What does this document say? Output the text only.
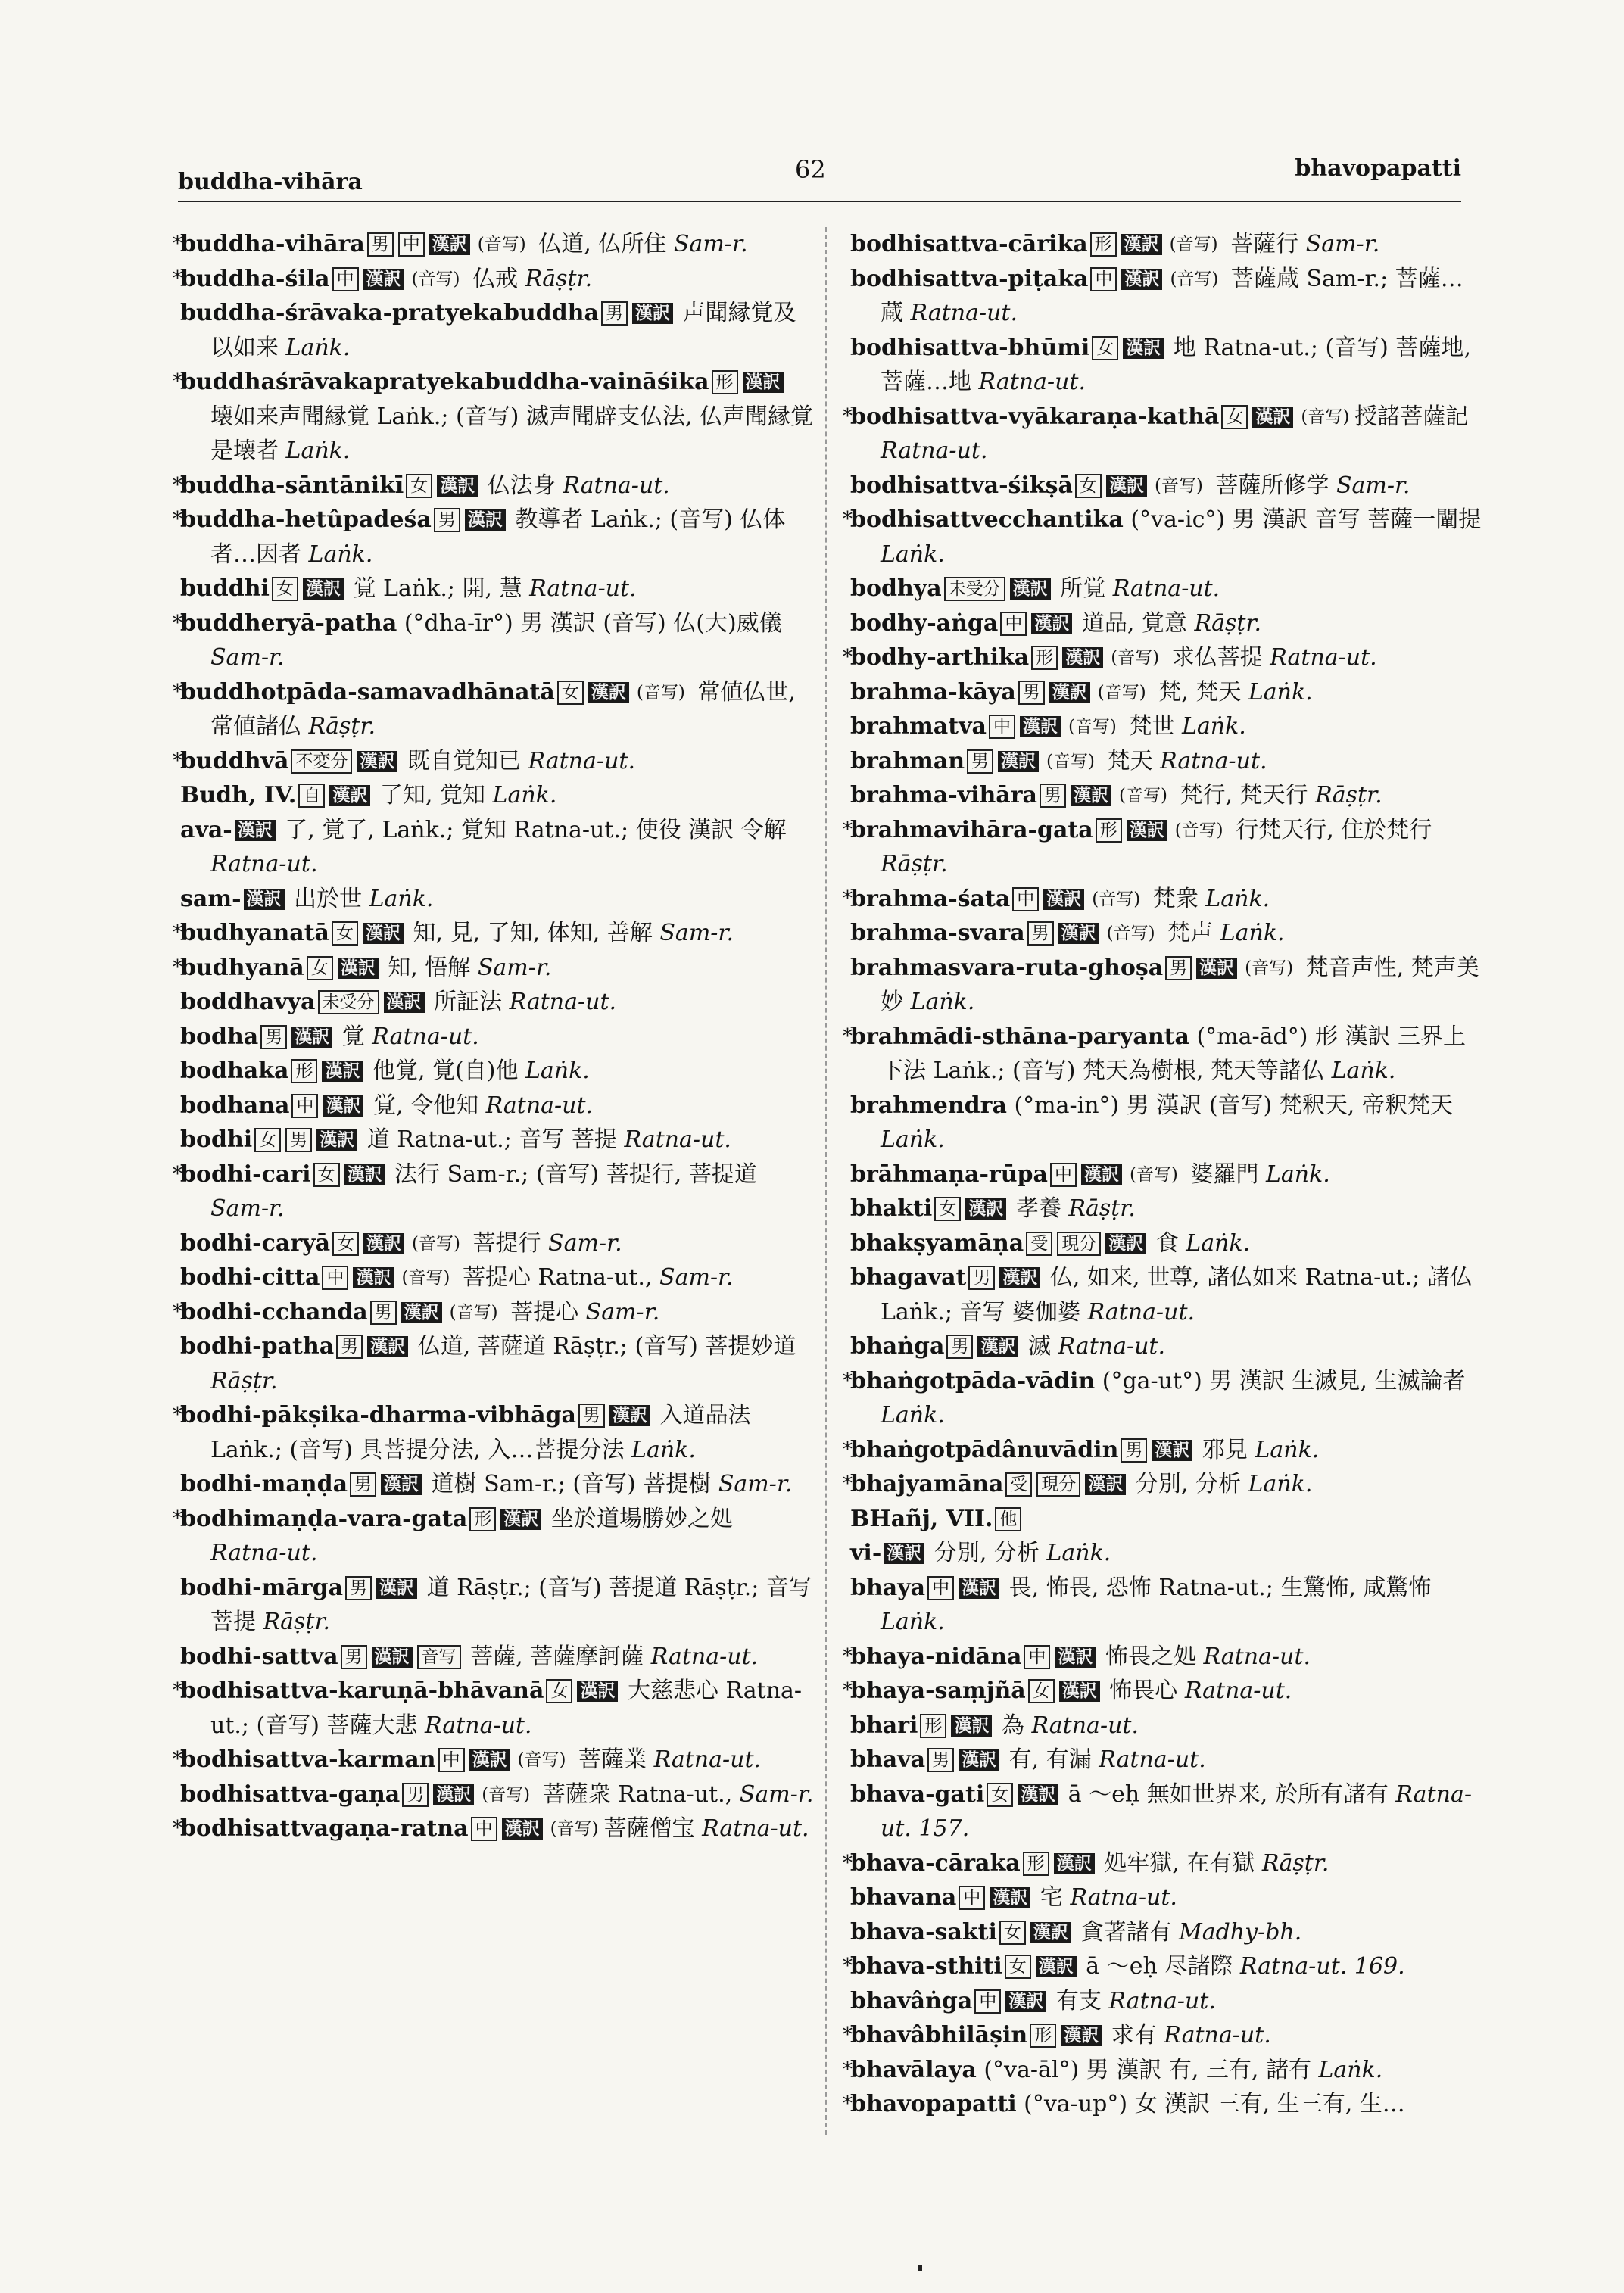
buddha-vihāra	62	bhavopapatti
* buddha-vihāra 男 中 漢訳 (音写) 仏道, 仏所住 Sam-r.
* buddha-śila 中 漢訳 (音写) 仏戒 Rāṣṭr.
buddha-śrāvaka-pratyekabuddha 男 漢訳 声聞縁覚及以如来 Laṅk.
* buddhaśrāvakapratyekabuddha-vaināśika 形 漢訳 壊如来声聞縁覚 Laṅk.; (音写) 滅声聞辟支仏法, 仏声聞縁覚是壊者 Laṅk.
* buddha-sāntānikī 女 漢訳 仏法身 Ratna-ut.
* buddha-hetûpadeśa 男 漢訳 教導者 Laṅk.; (音写) 仏体者…因者 Laṅk.
buddhi 女 漢訳 覚 Laṅk.; 開, 慧 Ratna-ut.
* buddheryā-patha (°dha-īr°) 男 漢訳 (音写) 仏(大)威儀 Sam-r.
* buddhotpāda-samavadhānatā 女 漢訳 (音写) 常値仏世, 常値諸仏 Rāṣṭr.
* buddhvā 不変分 漢訳 既自覚知已 Ratna-ut.
Budh, IV. 自 漢訳 了知, 覚知 Laṅk.
ava- 漢訳 了, 覚了, Laṅk.; 覚知 Ratna-ut.; 使役 漢訳 令解 Ratna-ut.
sam- 漢訳 出於世 Laṅk.
* budhyanatā 女 漢訳 知, 見, 了知, 体知, 善解 Sam-r.
* budhyanā 女 漢訳 知, 悟解 Sam-r.
boddhavya 未受分 漢訳 所証法 Ratna-ut.
bodha 男 漢訳 覚 Ratna-ut.
bodhaka 形 漢訳 他覚, 覚(自)他 Laṅk.
bodhana 中 漢訳 覚, 令他知 Ratna-ut.
bodhi 女 男 漢訳 道 Ratna-ut.; 音写 菩提 Ratna-ut.
* bodhi-cari 女 漢訳 法行 Sam-r.; (音写) 菩提行, 菩提道 Sam-r.
bodhi-caryā 女 漢訳 (音写) 菩提行 Sam-r.
bodhi-citta 中 漢訳 (音写) 菩提心 Ratna-ut., Sam-r.
* bodhi-cchanda 男 漢訳 (音写) 菩提心 Sam-r.
bodhi-patha 男 漢訳 仏道, 菩薩道 Rāṣṭr.; (音写) 菩提妙道 Rāṣṭr.
* bodhi-pākṣika-dharma-vibhāga 男 漢訳 入道品法 Laṅk.; (音写) 具菩提分法, 入…菩提分法 Laṅk.
bodhi-maṇḍa 男 漢訳 道樹 Sam-r.; (音写) 菩提樹 Sam-r.
* bodhimaṇḍa-vara-gata 形 漢訳 坐於道場勝妙之処 Ratna-ut.
bodhi-mārga 男 漢訳 道 Rāṣṭr.; (音写) 菩提道 Rāṣṭr.; 音写 菩提 Rāṣṭr.
bodhi-sattva 男 漢訳 音写 菩薩, 菩薩摩訶薩 Ratna-ut.
* bodhisattva-karuṇā-bhāvanā 女 漢訳 大慈悲心 Ratna-ut.; (音写) 菩薩大悲 Ratna-ut.
* bodhisattva-karman 中 漢訳 (音写) 菩薩業 Ratna-ut.
bodhisattva-gaṇa 男 漢訳 (音写) 菩薩衆 Ratna-ut., Sam-r.
* bodhisattvagaṇa-ratna 中 漢訳 (音写) 菩薩僧宝 Ratna-ut.
bodhisattva-cārika 形 漢訳 (音写) 菩薩行 Sam-r.
bodhisattva-piṭaka 中 漢訳 (音写) 菩薩蔵 Sam-r.; 菩薩…蔵 Ratna-ut.
bodhisattva-bhūmi 女 漢訳 地 Ratna-ut.; (音写) 菩薩地, 菩薩…地 Ratna-ut.
* bodhisattva-vyākaraṇa-kathā 女 漢訳 (音写) 授諸菩薩記 Ratna-ut.
bodhisattva-śikṣā 女 漢訳 (音写) 菩薩所修学 Sam-r.
* bodhisattvecchantika (°va-ic°) 男 漢訳 音写 菩薩一闡提 Laṅk.
bodhya 未受分 漢訳 所覚 Ratna-ut.
bodhy-aṅga 中 漢訳 道品, 覚意 Rāṣṭr.
* bodhy-arthika 形 漢訳 (音写) 求仏菩提 Ratna-ut.
brahma-kāya 男 漢訳 (音写) 梵, 梵天 Laṅk.
brahmatva 中 漢訳 (音写) 梵世 Laṅk.
brahman 男 漢訳 (音写) 梵天 Ratna-ut.
brahma-vihāra 男 漢訳 (音写) 梵行, 梵天行 Rāṣṭr.
* brahmavihāra-gata 形 漢訳 (音写) 行梵天行, 住於梵行 Rāṣṭr.
* brahma-śata 中 漢訳 (音写) 梵衆 Laṅk.
brahma-svara 男 漢訳 (音写) 梵声 Laṅk.
brahmasvara-ruta-ghoṣa 男 漢訳 (音写) 梵音声性, 梵声美妙 Laṅk.
* brahmādi-sthāna-paryanta (°ma-ād°) 形 漢訳 三界上下法 Laṅk.; (音写) 梵天為樹根, 梵天等諸仏 Laṅk.
brahmendra (°ma-in°) 男 漢訳 (音写) 梵釈天, 帝釈梵天 Laṅk.
brāhmaṇa-rūpa 中 漢訳 (音写) 婆羅門 Laṅk.
bhakti 女 漢訳 孝養 Rāṣṭr.
bhakṣyamāṇa 受 現分 漢訳 食 Laṅk.
bhagavat 男 漢訳 仏, 如来, 世尊, 諸仏如来 Ratna-ut.; 諸仏 Laṅk.; 音写 婆伽婆 Ratna-ut.
bhaṅga 男 漢訳 滅 Ratna-ut.
* bhaṅgotpāda-vādin (°ga-ut°) 男 漢訳 生滅見, 生滅論者 Laṅk.
* bhaṅgotpādânuvādin 男 漢訳 邪見 Laṅk.
* bhajyamāna 受 現分 漢訳 分別, 分析 Laṅk.
BHañj, VII. 他
vi- 漢訳 分別, 分析 Laṅk.
bhaya 中 漢訳 畏, 怖畏, 恐怖 Ratna-ut.; 生驚怖, 咸驚怖 Laṅk.
* bhaya-nidāna 中 漢訳 怖畏之処 Ratna-ut.
* bhaya-saṃjñā 女 漢訳 怖畏心 Ratna-ut.
bhari 形 漢訳 為 Ratna-ut.
bhava 男 漢訳 有, 有漏 Ratna-ut.
bhava-gati 女 漢訳 ā ～eḥ 無如世界来, 於所有諸有 Ratna-ut. 157.
* bhava-cāraka 形 漢訳 処牢獄, 在有獄 Rāṣṭr.
bhavana 中 漢訳 宅 Ratna-ut.
bhava-sakti 女 漢訳 貪著諸有 Madhy-bh.
* bhava-sthiti 女 漢訳 ā ～eḥ 尽諸際 Ratna-ut. 169.
bhavâṅga 中 漢訳 有支 Ratna-ut.
* bhavâbhilāṣin 形 漢訳 求有 Ratna-ut.
* bhavālaya (°va-āl°) 男 漢訳 有, 三有, 諸有 Laṅk.
* bhavopapatti (°va-up°) 女 漢訳 三有, 生三有, 生…
